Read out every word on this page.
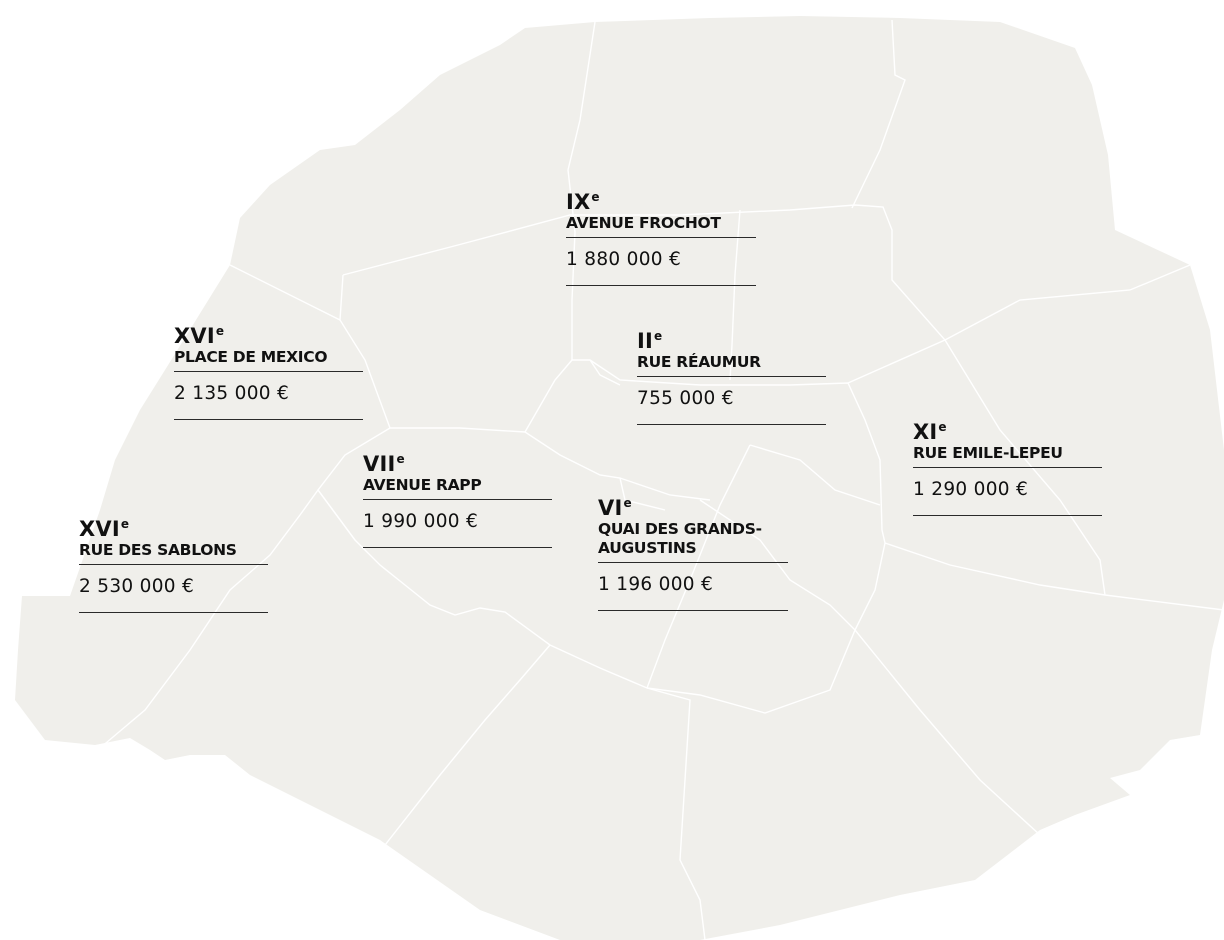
IXe
AVENUE FROCHOT
1 880 000 €
XVIe
PLACE DE MEXICO
2 135 000 €
IIe
RUE RÉAUMUR
755 000 €
XIe
RUE EMILE-LEPEU
1 290 000 €
VIIe
AVENUE RAPP
1 990 000 €
VIe
QUAI DES GRANDS-AUGUSTINS
1 196 000 €
XVIe
RUE DES SABLONS
2 530 000 €
